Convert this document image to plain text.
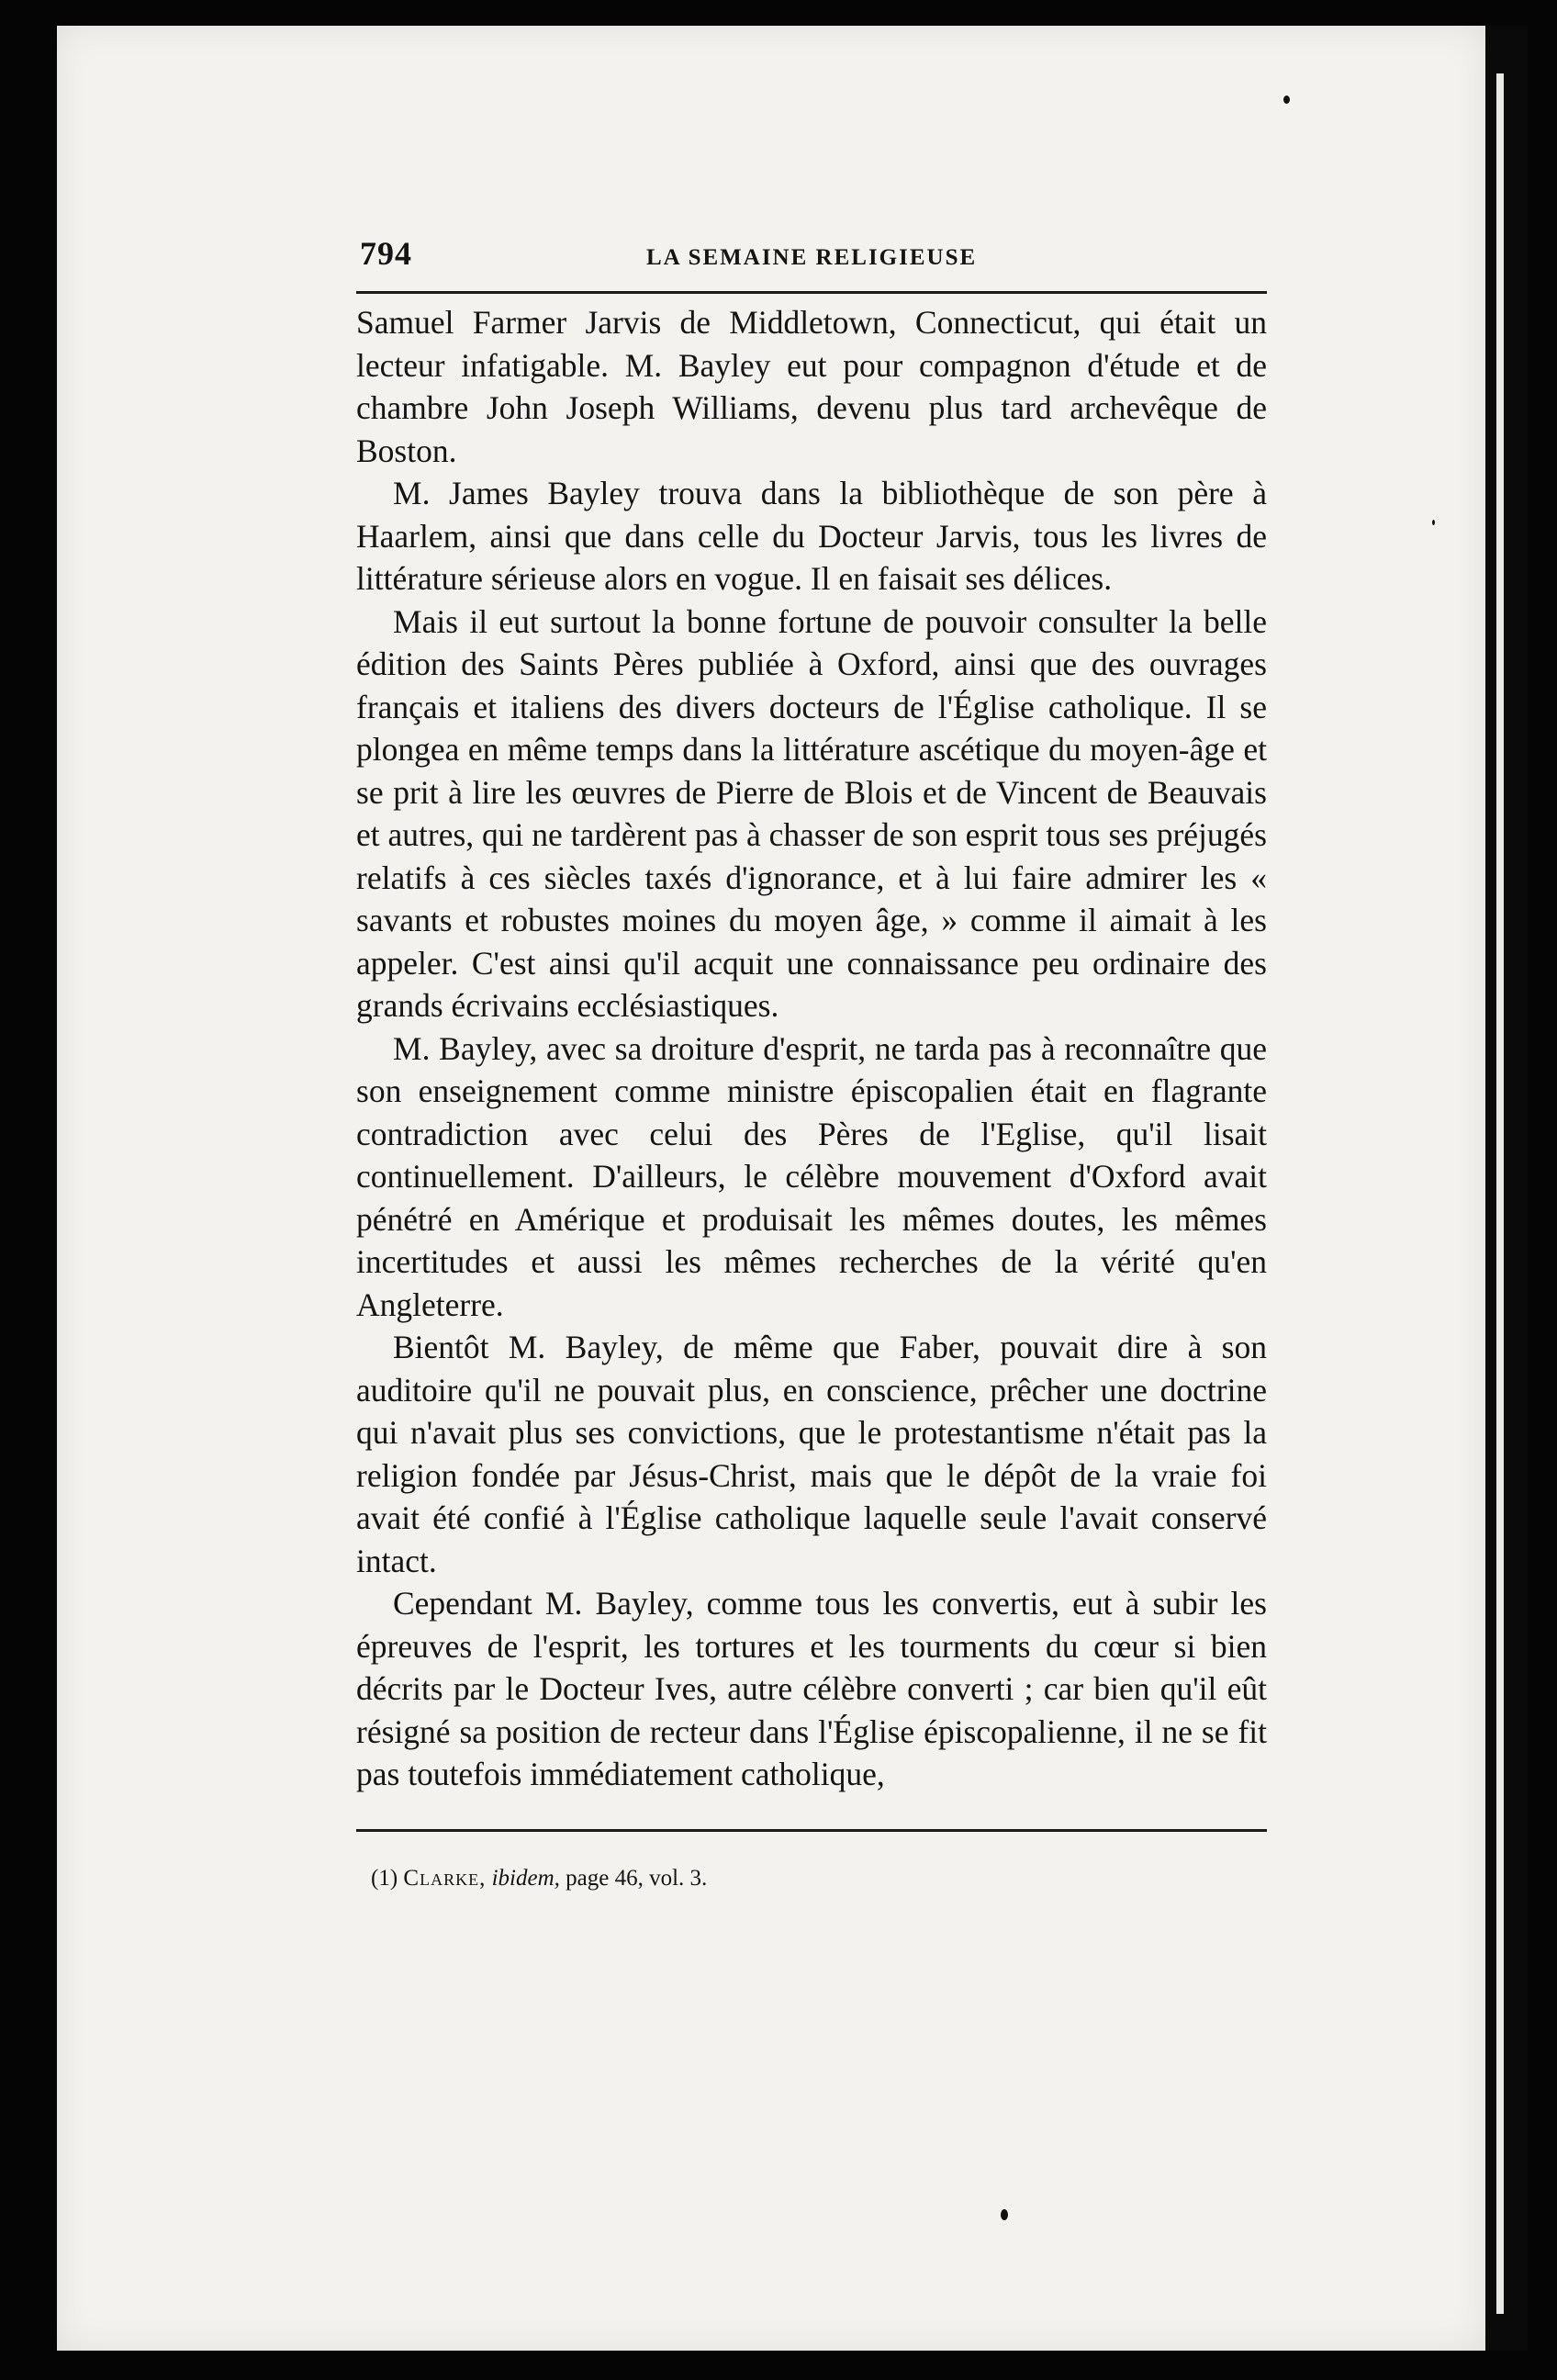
794	LA SEMAINE RELIGIEUSE

Samuel Farmer Jarvis de Middletown, Connecticut, qui était un lecteur infatigable. M. Bayley eut pour compagnon d'étude et de chambre John Joseph Williams, devenu plus tard archevêque de Boston.

M. James Bayley trouva dans la bibliothèque de son père à Haarlem, ainsi que dans celle du Docteur Jarvis, tous les livres de littérature sérieuse alors en vogue. Il en faisait ses délices.

Mais il eut surtout la bonne fortune de pouvoir consulter la belle édition des Saints Pères publiée à Oxford, ainsi que des ouvrages français et italiens des divers docteurs de l'Église catholique. Il se plongea en même temps dans la littérature ascétique du moyen-âge et se prit à lire les œuvres de Pierre de Blois et de Vincent de Beauvais et autres, qui ne tardèrent pas à chasser de son esprit tous ses préjugés relatifs à ces siècles taxés d'ignorance, et à lui faire admirer les « savants et robustes moines du moyen âge, » comme il aimait à les appeler. C'est ainsi qu'il acquit une connaissance peu ordinaire des grands écrivains ecclésiastiques.

M. Bayley, avec sa droiture d'esprit, ne tarda pas à reconnaître que son enseignement comme ministre épiscopalien était en flagrante contradiction avec celui des Pères de l'Eglise, qu'il lisait continuellement. D'ailleurs, le célèbre mouvement d'Oxford avait pénétré en Amérique et produisait les mêmes doutes, les mêmes incertitudes et aussi les mêmes recherches de la vérité qu'en Angleterre.

Bientôt M. Bayley, de même que Faber, pouvait dire à son auditoire qu'il ne pouvait plus, en conscience, prêcher une doctrine qui n'avait plus ses convictions, que le protestantisme n'était pas la religion fondée par Jésus-Christ, mais que le dépôt de la vraie foi avait été confié à l'Église catholique laquelle seule l'avait conservé intact.

Cependant M. Bayley, comme tous les convertis, eut à subir les épreuves de l'esprit, les tortures et les tourments du cœur si bien décrits par le Docteur Ives, autre célèbre converti ; car bien qu'il eût résigné sa position de recteur dans l'Église épiscopalienne, il ne se fit pas toutefois immédiatement catholique,

(1) Clarke, ibidem, page 46, vol. 3.
